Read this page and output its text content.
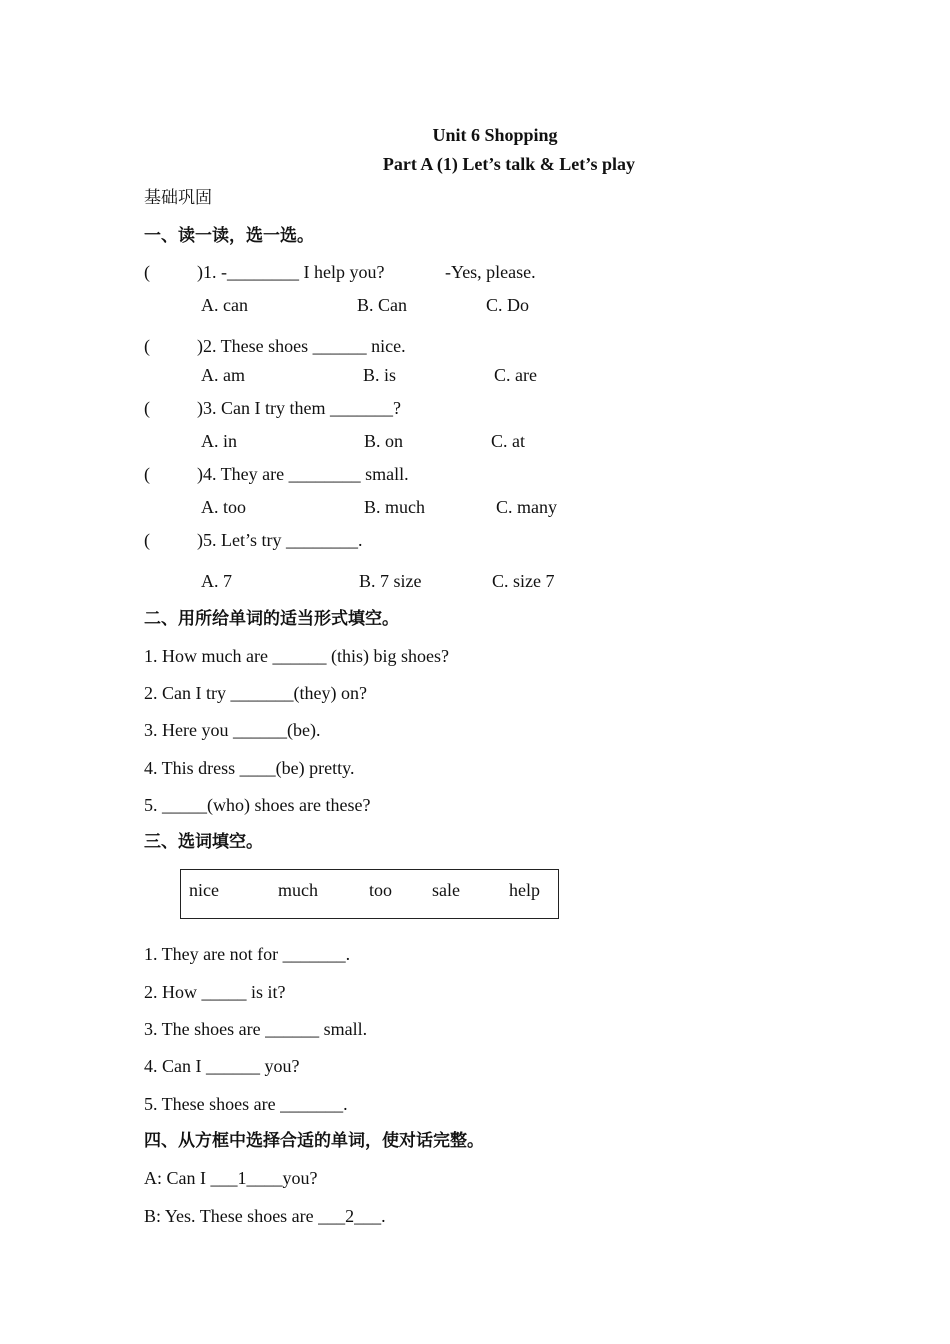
Unit 6 Shopping
Part A (1) Let’s talk & Let’s play
基础巩固
一、读一读，选一选。
(	)1. -________ I help you?	-Yes, please.
A. can	B. Can	C. Do
(	)2. These shoes ______ nice.
A. am	B. is	C. are
(	)3. Can I try them _______?
A. in	B. on	C. at
(	)4. They are ________ small.
A. too	B. much	C. many
(	)5. Let’s try ________.
A. 7	B. 7 size	C. size 7
二、用所给单词的适当形式填空。
1. How much are ______ (this) big shoes?
2. Can I try _______(they) on?
3. Here you ______(be).
4. This dress ____(be) pretty.
5. _____(who) shoes are these?
三、选词填空。
nice	much	too sale	help
1. They are not for _______.
2. How _____ is it?
3. The shoes are ______ small.
4. Can I ______ you?
5. These shoes are _______.
四、从方框中选择合适的单词，使对话完整。
A: Can I ___1____you?
B: Yes. These shoes are ___2___.
